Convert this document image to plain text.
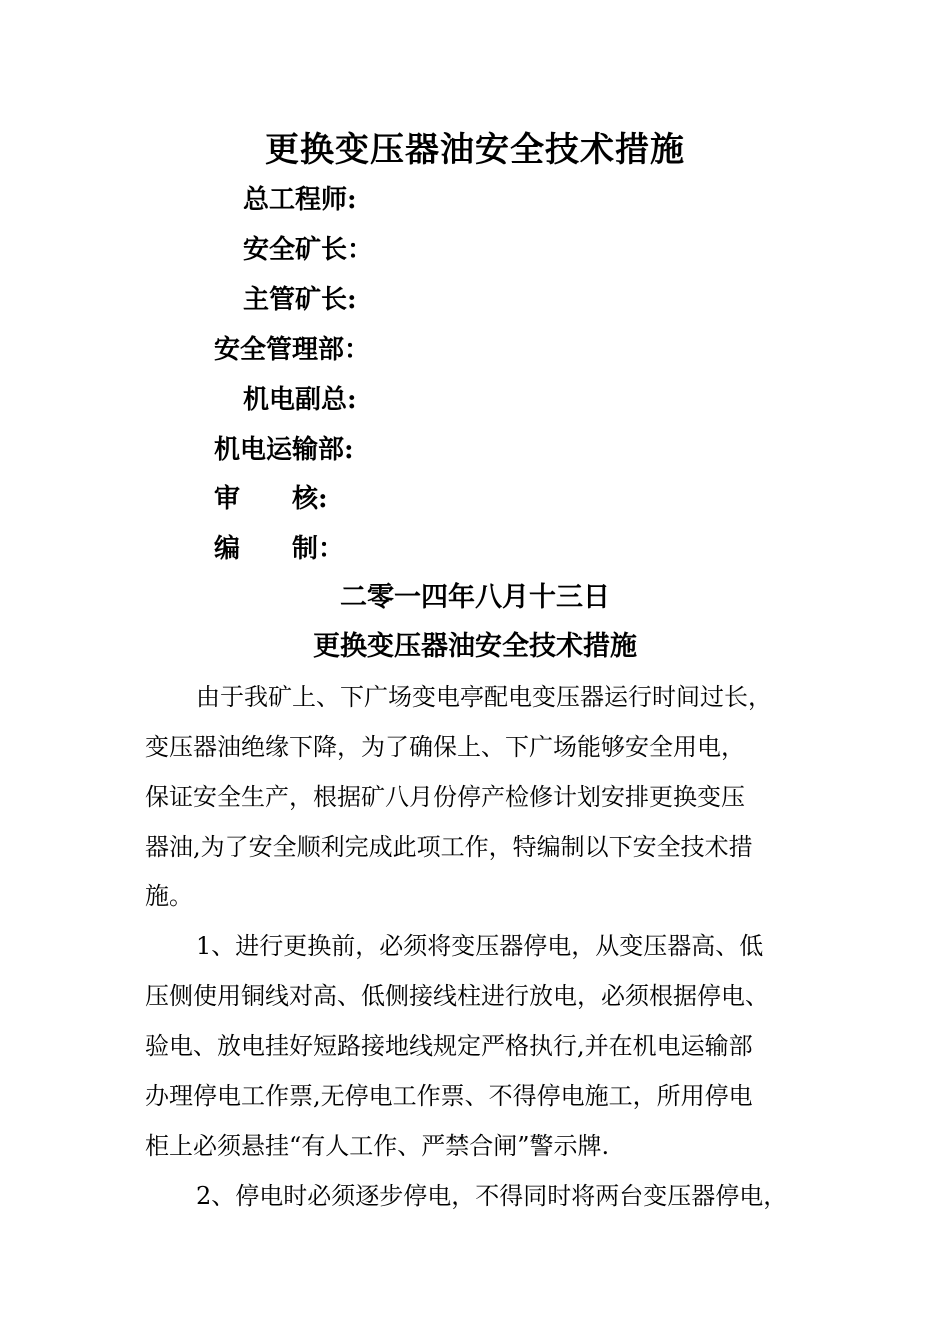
更换变压器油安全技术措施
总工程师:
安全矿长：
主管矿长:
安全管理部：
机电副总:
机电运输部:
审　　核:
编　　制：
二零一四年八月十三日
更换变压器油安全技术措施
由于我矿上、下广场变电亭配电变压器运行时间过长，
变压器油绝缘下降，为了确保上、下广场能够安全用电，
保证安全生产，根据矿八月份停产检修计划安排更换变压
器油,为了安全顺利完成此项工作，特编制以下安全技术措
施。
1、进行更换前，必须将变压器停电，从变压器高、低
压侧使用铜线对高、低侧接线柱进行放电，必须根据停电、
验电、放电挂好短路接地线规定严格执行,并在机电运输部
办理停电工作票,无停电工作票、不得停电施工，所用停电
柜上必须悬挂“有人工作、严禁合闸”警示牌.
2、停电时必须逐步停电，不得同时将两台变压器停电，
